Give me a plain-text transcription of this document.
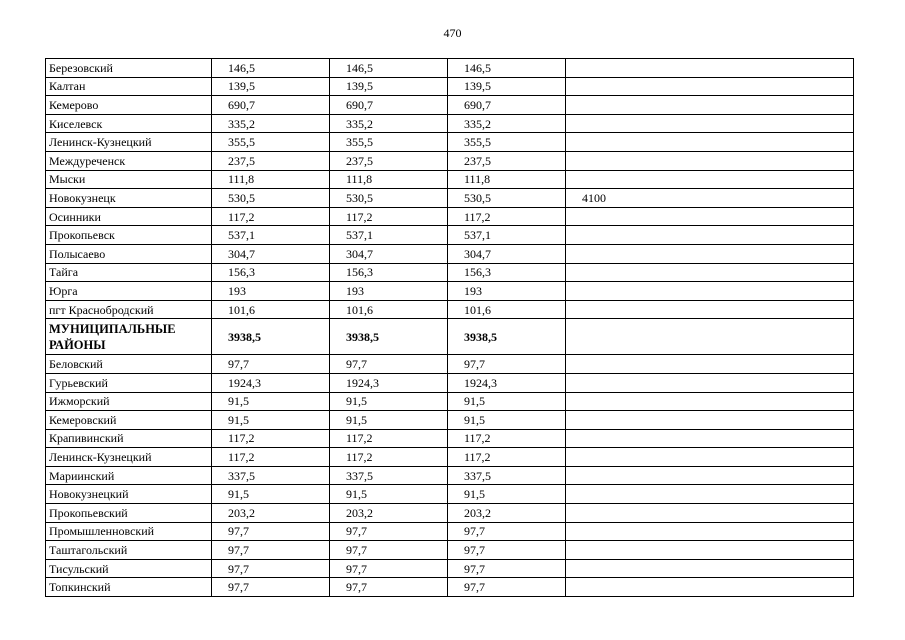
470
Березовский	146,5	146,5	146,5	
Калтан	139,5	139,5	139,5	
Кемерово	690,7	690,7	690,7	
Киселевск	335,2	335,2	335,2	
Ленинск-Кузнецкий	355,5	355,5	355,5	
Междуреченск	237,5	237,5	237,5	
Мыски	111,8	111,8	111,8	
Новокузнецк	530,5	530,5	530,5	4100
Осинники	117,2	117,2	117,2	
Прокопьевск	537,1	537,1	537,1	
Полысаево	304,7	304,7	304,7	
Тайга	156,3	156,3	156,3	
Юрга	193	193	193	
пгт Краснобродский	101,6	101,6	101,6	
МУНИЦИПАЛЬНЫЕ РАЙОНЫ	3938,5	3938,5	3938,5	
Беловский	97,7	97,7	97,7	
Гурьевский	1924,3	1924,3	1924,3	
Ижморский	91,5	91,5	91,5	
Кемеровский	91,5	91,5	91,5	
Крапивинский	117,2	117,2	117,2	
Ленинск-Кузнецкий	117,2	117,2	117,2	
Мариинский	337,5	337,5	337,5	
Новокузнецкий	91,5	91,5	91,5	
Прокопьевский	203,2	203,2	203,2	
Промышленновский	97,7	97,7	97,7	
Таштагольский	97,7	97,7	97,7	
Тисульский	97,7	97,7	97,7	
Топкинский	97,7	97,7	97,7	
